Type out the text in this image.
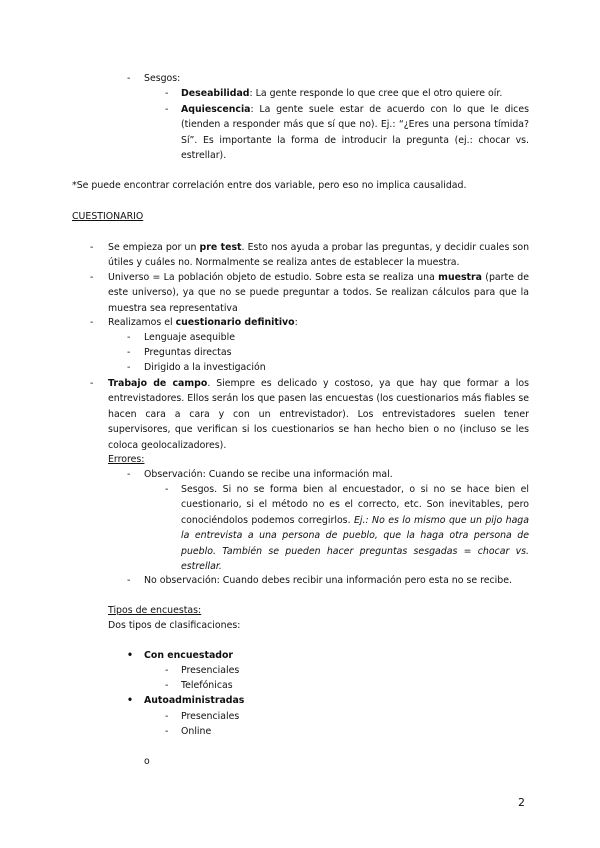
- Sesgos:
- Deseabilidad: La gente responde lo que cree que el otro quiere oír.
- Aquiescencia: La gente suele estar de acuerdo con lo que le dices (tienden a responder más que sí que no). Ej.: “¿Eres una persona tímida? Sí”. Es importante la forma de introducir la pregunta (ej.: chocar vs. estrellar).
*Se puede encontrar correlación entre dos variable, pero eso no implica causalidad.
CUESTIONARIO
- Se empieza por un pre test. Esto nos ayuda a probar las preguntas, y decidir cuales son útiles y cuáles no. Normalmente se realiza antes de establecer la muestra.
- Universo = La población objeto de estudio. Sobre esta se realiza una muestra (parte de este universo), ya que no se puede preguntar a todos. Se realizan cálculos para que la muestra sea representativa
- Realizamos el cuestionario definitivo:
- Lenguaje asequible
- Preguntas directas
- Dirigido a la investigación
- Trabajo de campo. Siempre es delicado y costoso, ya que hay que formar a los entrevistadores. Ellos serán los que pasen las encuestas (los cuestionarios más fiables se hacen cara a cara y con un entrevistador). Los entrevistadores suelen tener supervisores, que verifican si los cuestionarios se han hecho bien o no (incluso se les coloca geolocalizadores).
Errores:
- Observación: Cuando se recibe una información mal.
- Sesgos. Si no se forma bien al encuestador, o si no se hace bien el cuestionario, si el método no es el correcto, etc. Son inevitables, pero conociéndolos podemos corregirlos. Ej.: No es lo mismo que un pijo haga la entrevista a una persona de pueblo, que la haga otra persona de pueblo. También se pueden hacer preguntas sesgadas = chocar vs. estrellar.
- No observación: Cuando debes recibir una información pero esta no se recibe.
Tipos de encuestas:
Dos tipos de clasificaciones:
• Con encuestador
- Presenciales
- Telefónicas
• Autoadministradas
- Presenciales
- Online
o
2
